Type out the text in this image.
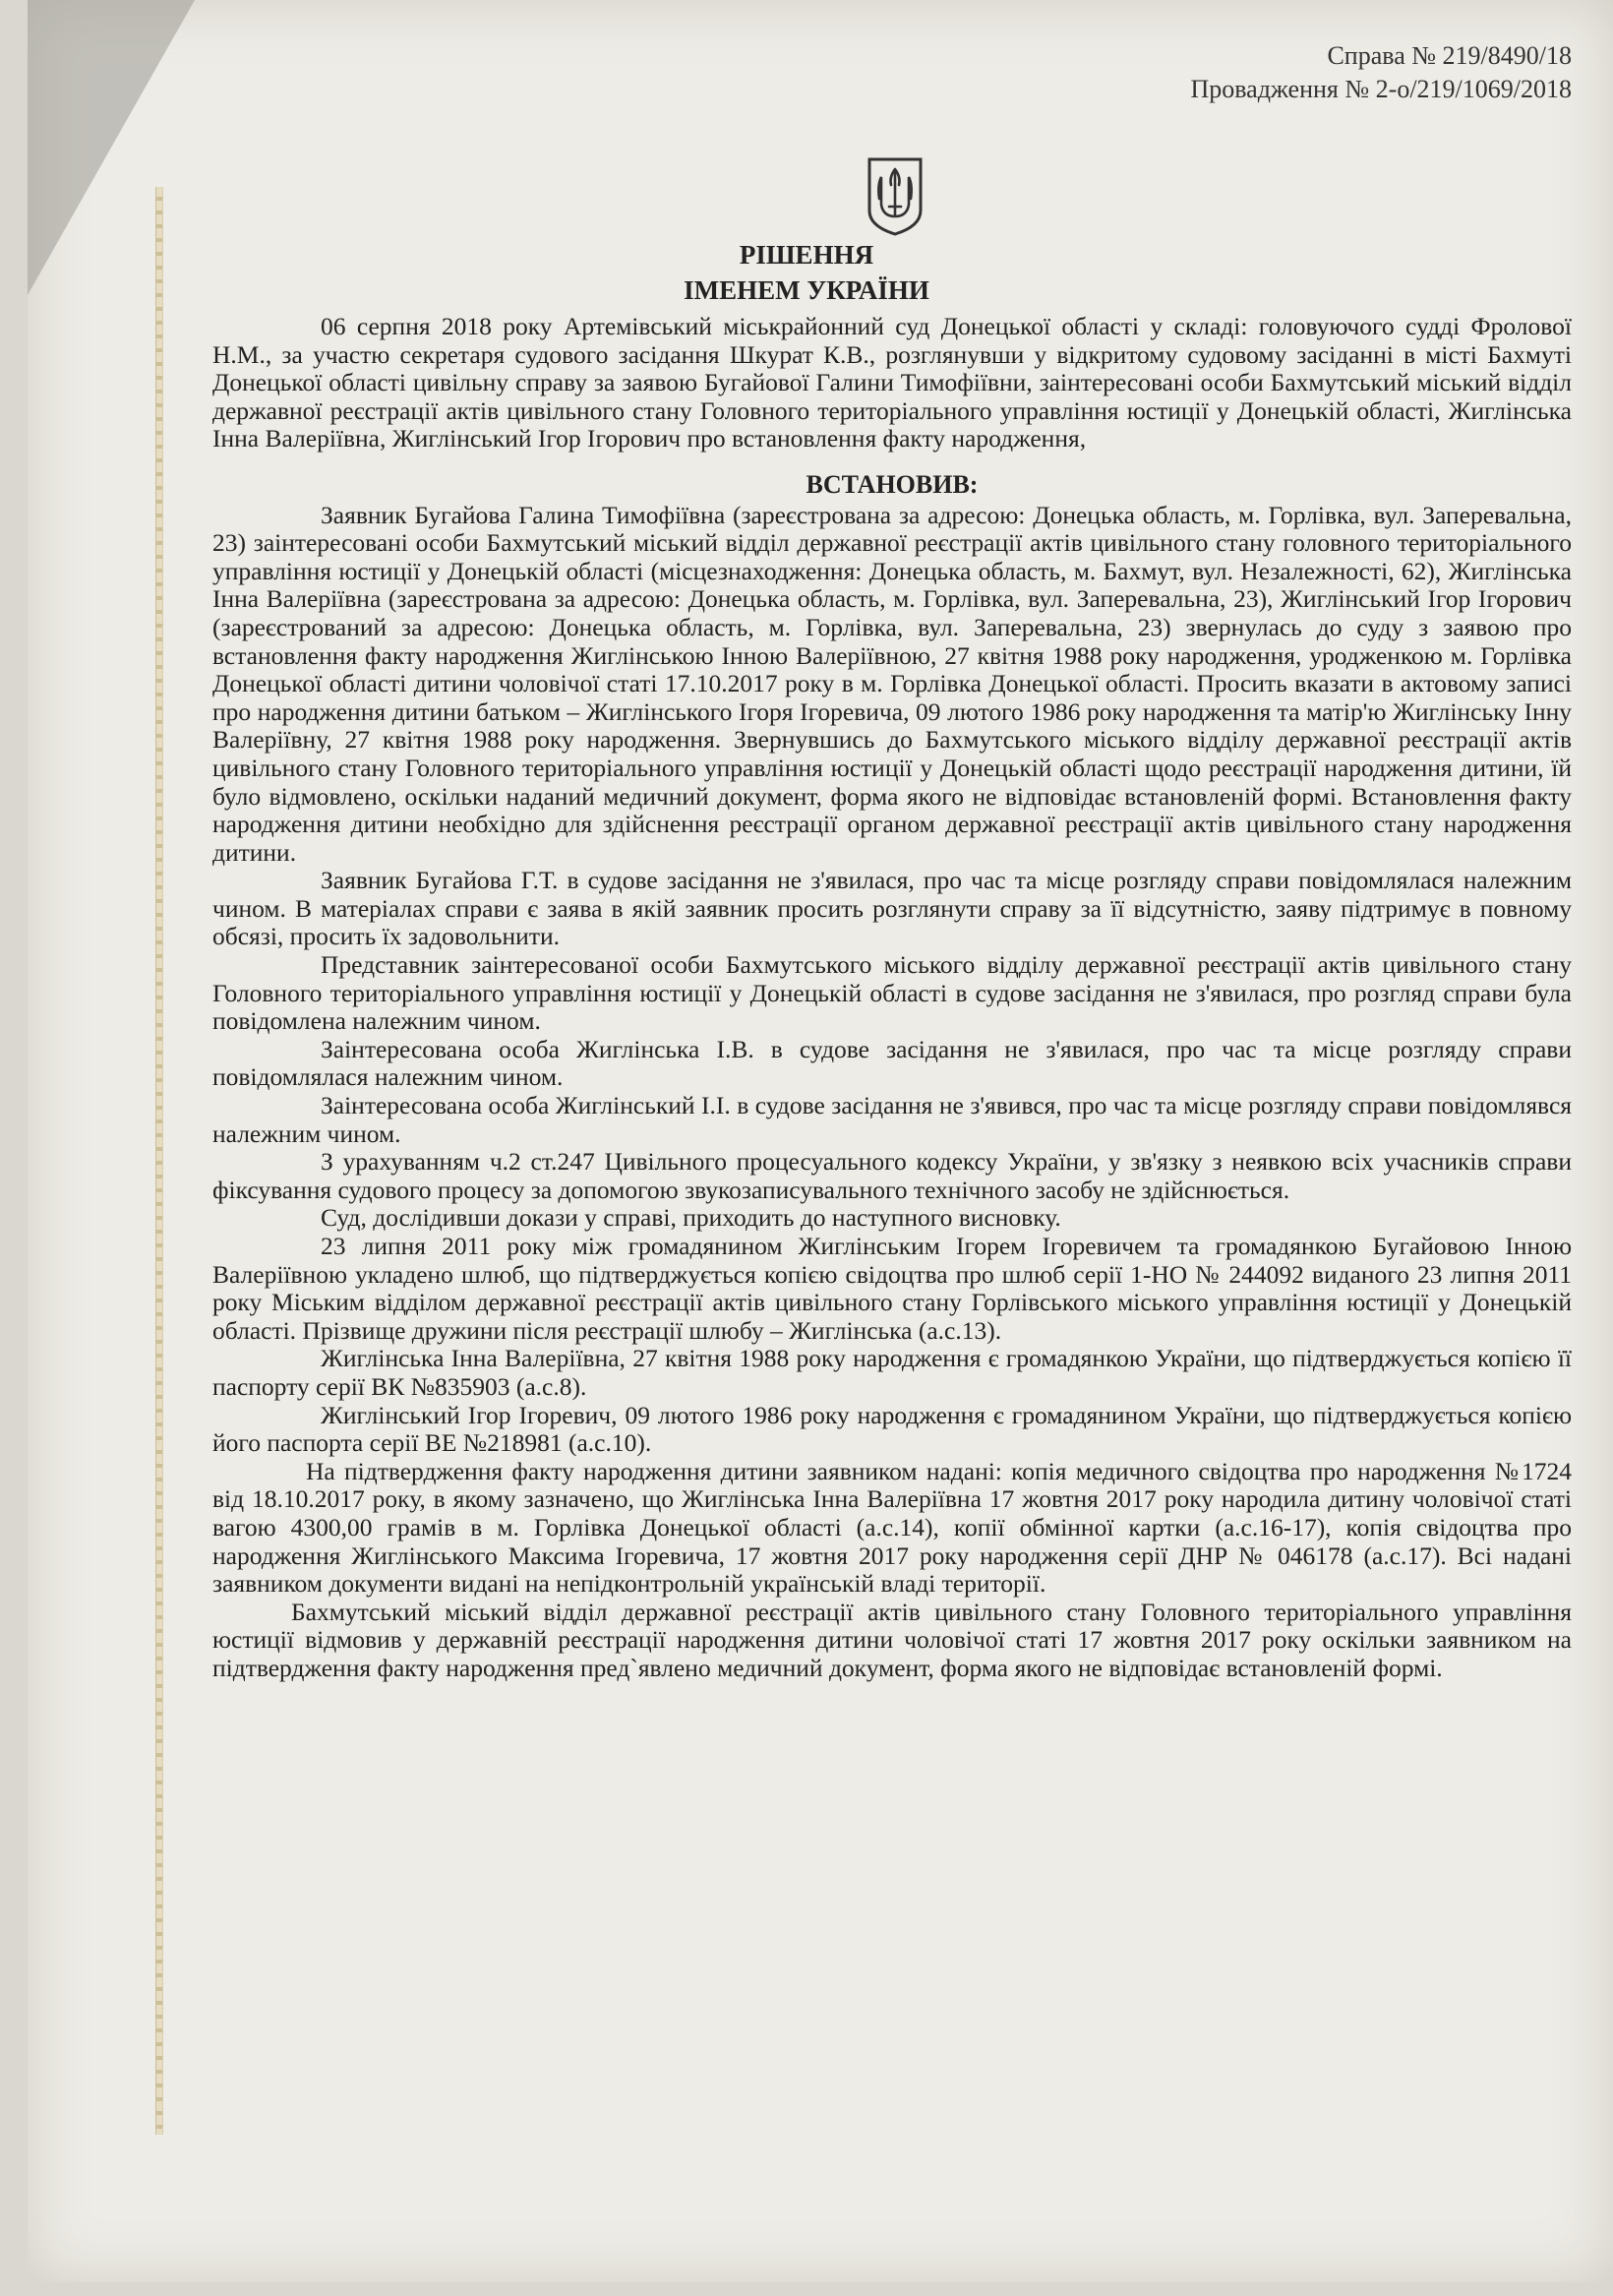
Справа № 219/8490/18
Провадження № 2-о/219/1069/2018
РІШЕННЯ
ІМЕНЕМ УКРАЇНИ

06 серпня 2018 року Артемівський міськрайонний суд Донецької області у складі: головуючого судді Фролової Н.М., за участю секретаря судового засідання Шкурат К.В., розглянувши у відкритому судовому засіданні в місті Бахмуті Донецької області цивільну справу за заявою Бугайової Галини Тимофіївни, заінтересовані особи Бахмутський міський відділ державної реєстрації актів цивільного стану Головного територіального управління юстиції у Донецькій області, Жиглінська Інна Валеріївна, Жиглінський Ігор Ігорович про встановлення факту народження,

ВСТАНОВИВ:

Заявник Бугайова Галина Тимофіївна (зареєстрована за адресою: Донецька область, м. Горлівка, вул. Заперевальна, 23) заінтересовані особи Бахмутський міський відділ державної реєстрації актів цивільного стану головного територіального управління юстиції у Донецькій області (місцезнаходження: Донецька область, м. Бахмут, вул. Незалежності, 62), Жиглінська Інна Валеріївна (зареєстрована за адресою: Донецька область, м. Горлівка, вул. Заперевальна, 23), Жиглінський Ігор Ігорович (зареєстрований за адресою: Донецька область, м. Горлівка, вул. Заперевальна, 23) звернулась до суду з заявою про встановлення факту народження Жиглінською Інною Валеріївною, 27 квітня 1988 року народження, уродженкою м. Горлівка Донецької області дитини чоловічої статі 17.10.2017 року в м. Горлівка Донецької області. Просить вказати в актовому записі про народження дитини батьком – Жиглінського Ігоря Ігоревича, 09 лютого 1986 року народження та матір'ю Жиглінську Інну Валеріївну, 27 квітня 1988 року народження. Звернувшись до Бахмутського міського відділу державної реєстрації актів цивільного стану Головного територіального управління юстиції у Донецькій області щодо реєстрації народження дитини, їй було відмовлено, оскільки наданий медичний документ, форма якого не відповідає встановленій формі. Встановлення факту народження дитини необхідно для здійснення реєстрації органом державної реєстрації актів цивільного стану народження дитини.

Заявник Бугайова Г.Т. в судове засідання не з'явилася, про час та місце розгляду справи повідомлялася належним чином. В матеріалах справи є заява в якій заявник просить розглянути справу за її відсутністю, заяву підтримує в повному обсязі, просить їх задовольнити.

Представник заінтересованої особи Бахмутського міського відділу державної реєстрації актів цивільного стану Головного територіального управління юстиції у Донецькій області в судове засідання не з'явилася, про розгляд справи була повідомлена належним чином.

Заінтересована особа Жиглінська І.В. в судове засідання не з'явилася, про час та місце розгляду справи повідомлялася належним чином.

Заінтересована особа Жиглінський І.І. в судове засідання не з'явився, про час та місце розгляду справи повідомлявся належним чином.

З урахуванням ч.2 ст.247 Цивільного процесуального кодексу України, у зв'язку з неявкою всіх учасників справи фіксування судового процесу за допомогою звукозаписувального технічного засобу не здійснюється.

Суд, дослідивши докази у справі, приходить до наступного висновку.

23 липня 2011 року між громадянином Жиглінським Ігорем Ігоревичем та громадянкою Бугайовою Інною Валеріївною укладено шлюб, що підтверджується копією свідоцтва про шлюб серії 1-НО № 244092 виданого 23 липня 2011 року Міським відділом державної реєстрації актів цивільного стану Горлівського міського управління юстиції у Донецькій області. Прізвище дружини після реєстрації шлюбу – Жиглінська (а.с.13).

Жиглінська Інна Валеріївна, 27 квітня 1988 року народження є громадянкою України, що підтверджується копією її паспорту серії ВК №835903 (а.с.8).

Жиглінський Ігор Ігоревич, 09 лютого 1986 року народження є громадянином України, що підтверджується копією його паспорта серії ВЕ №218981 (а.с.10).

На підтвердження факту народження дитини заявником надані: копія медичного свідоцтва про народження №1724 від 18.10.2017 року, в якому зазначено, що Жиглінська Інна Валеріївна 17 жовтня 2017 року народила дитину чоловічої статі вагою 4300,00 грамів в м. Горлівка Донецької області (а.с.14), копії обмінної картки (а.с.16-17), копія свідоцтва про народження Жиглінського Максима Ігоревича, 17 жовтня 2017 року народження серії ДНР № 046178 (а.с.17). Всі надані заявником документи видані на непідконтрольній українській владі території.

Бахмутський міський відділ державної реєстрації актів цивільного стану Головного територіального управління юстиції відмовив у державній реєстрації народження дитини чоловічої статі 17 жовтня 2017 року оскільки заявником на підтвердження факту народження пред`явлено медичний документ, форма якого не відповідає встановленій формі.
